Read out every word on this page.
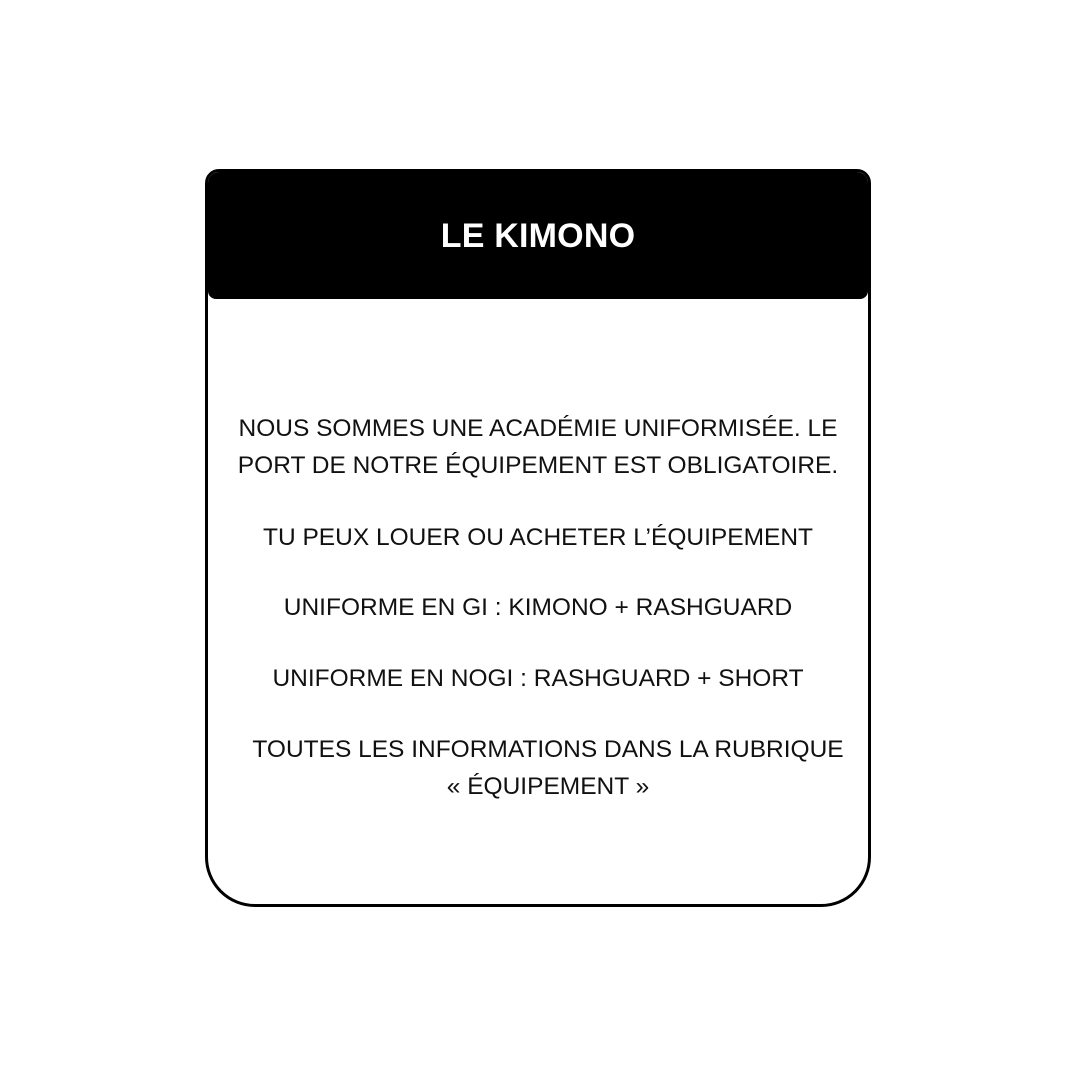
LE KIMONO
NOUS SOMMES UNE ACADÉMIE UNIFORMISÉE. LE
PORT DE NOTRE ÉQUIPEMENT EST OBLIGATOIRE.
TU PEUX LOUER OU ACHETER L’ÉQUIPEMENT
UNIFORME EN GI : KIMONO + RASHGUARD
UNIFORME EN NOGI : RASHGUARD + SHORT
TOUTES LES INFORMATIONS DANS LA RUBRIQUE
« ÉQUIPEMENT »
